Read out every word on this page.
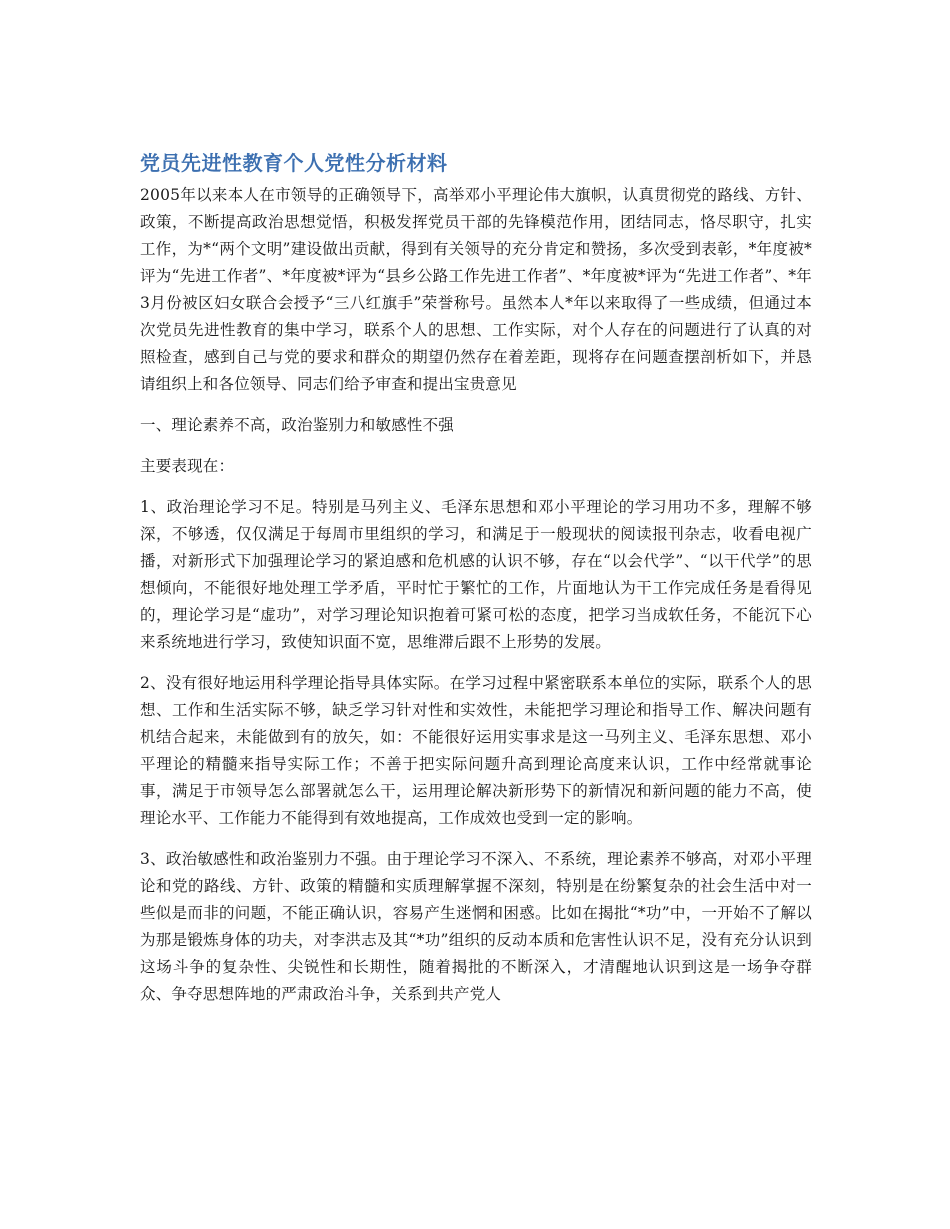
党员先进性教育个人党性分析材料

2005年以来本人在市领导的正确领导下，高举邓小平理论伟大旗帜，认真贯彻党的路线、方针、政策，不断提高政治思想觉悟，积极发挥党员干部的先锋模范作用，团结同志，恪尽职守，扎实工作，为*“两个文明”建设做出贡献，得到有关领导的充分肯定和赞扬，多次受到表彰，*年度被*评为“先进工作者”、*年度被*评为“县乡公路工作先进工作者”、*年度被*评为“先进工作者”、*年3月份被区妇女联合会授予“三八红旗手”荣誉称号。虽然本人*年以来取得了一些成绩，但通过本次党员先进性教育的集中学习，联系个人的思想、工作实际，对个人存在的问题进行了认真的对照检查，感到自己与党的要求和群众的期望仍然存在着差距，现将存在问题查摆剖析如下，并恳请组织上和各位领导、同志们给予审查和提出宝贵意见

一、理论素养不高，政治鉴别力和敏感性不强

主要表现在：

1、政治理论学习不足。特别是马列主义、毛泽东思想和邓小平理论的学习用功不多，理解不够深，不够透，仅仅满足于每周市里组织的学习，和满足于一般现状的阅读报刊杂志，收看电视广播，对新形式下加强理论学习的紧迫感和危机感的认识不够，存在“以会代学”、“以干代学”的思想倾向，不能很好地处理工学矛盾，平时忙于繁忙的工作，片面地认为干工作完成任务是看得见的，理论学习是“虚功”，对学习理论知识抱着可紧可松的态度，把学习当成软任务，不能沉下心来系统地进行学习，致使知识面不宽，思维滞后跟不上形势的发展。

2、没有很好地运用科学理论指导具体实际。在学习过程中紧密联系本单位的实际，联系个人的思想、工作和生活实际不够，缺乏学习针对性和实效性，未能把学习理论和指导工作、解决问题有机结合起来，未能做到有的放矢，如：不能很好运用实事求是这一马列主义、毛泽东思想、邓小平理论的精髓来指导实际工作；不善于把实际问题升高到理论高度来认识，工作中经常就事论事，满足于市领导怎么部署就怎么干，运用理论解决新形势下的新情况和新问题的能力不高，使理论水平、工作能力不能得到有效地提高，工作成效也受到一定的影响。

3、政治敏感性和政治鉴别力不强。由于理论学习不深入、不系统，理论素养不够高，对邓小平理论和党的路线、方针、政策的精髓和实质理解掌握不深刻，特别是在纷繁复杂的社会生活中对一些似是而非的问题，不能正确认识，容易产生迷惘和困惑。比如在揭批“*功”中，一开始不了解以为那是锻炼身体的功夫，对李洪志及其“*功”组织的反动本质和危害性认识不足，没有充分认识到这场斗争的复杂性、尖锐性和长期性，随着揭批的不断深入，才清醒地认识到这是一场争夺群众、争夺思想阵地的严肃政治斗争，关系到共产党人
